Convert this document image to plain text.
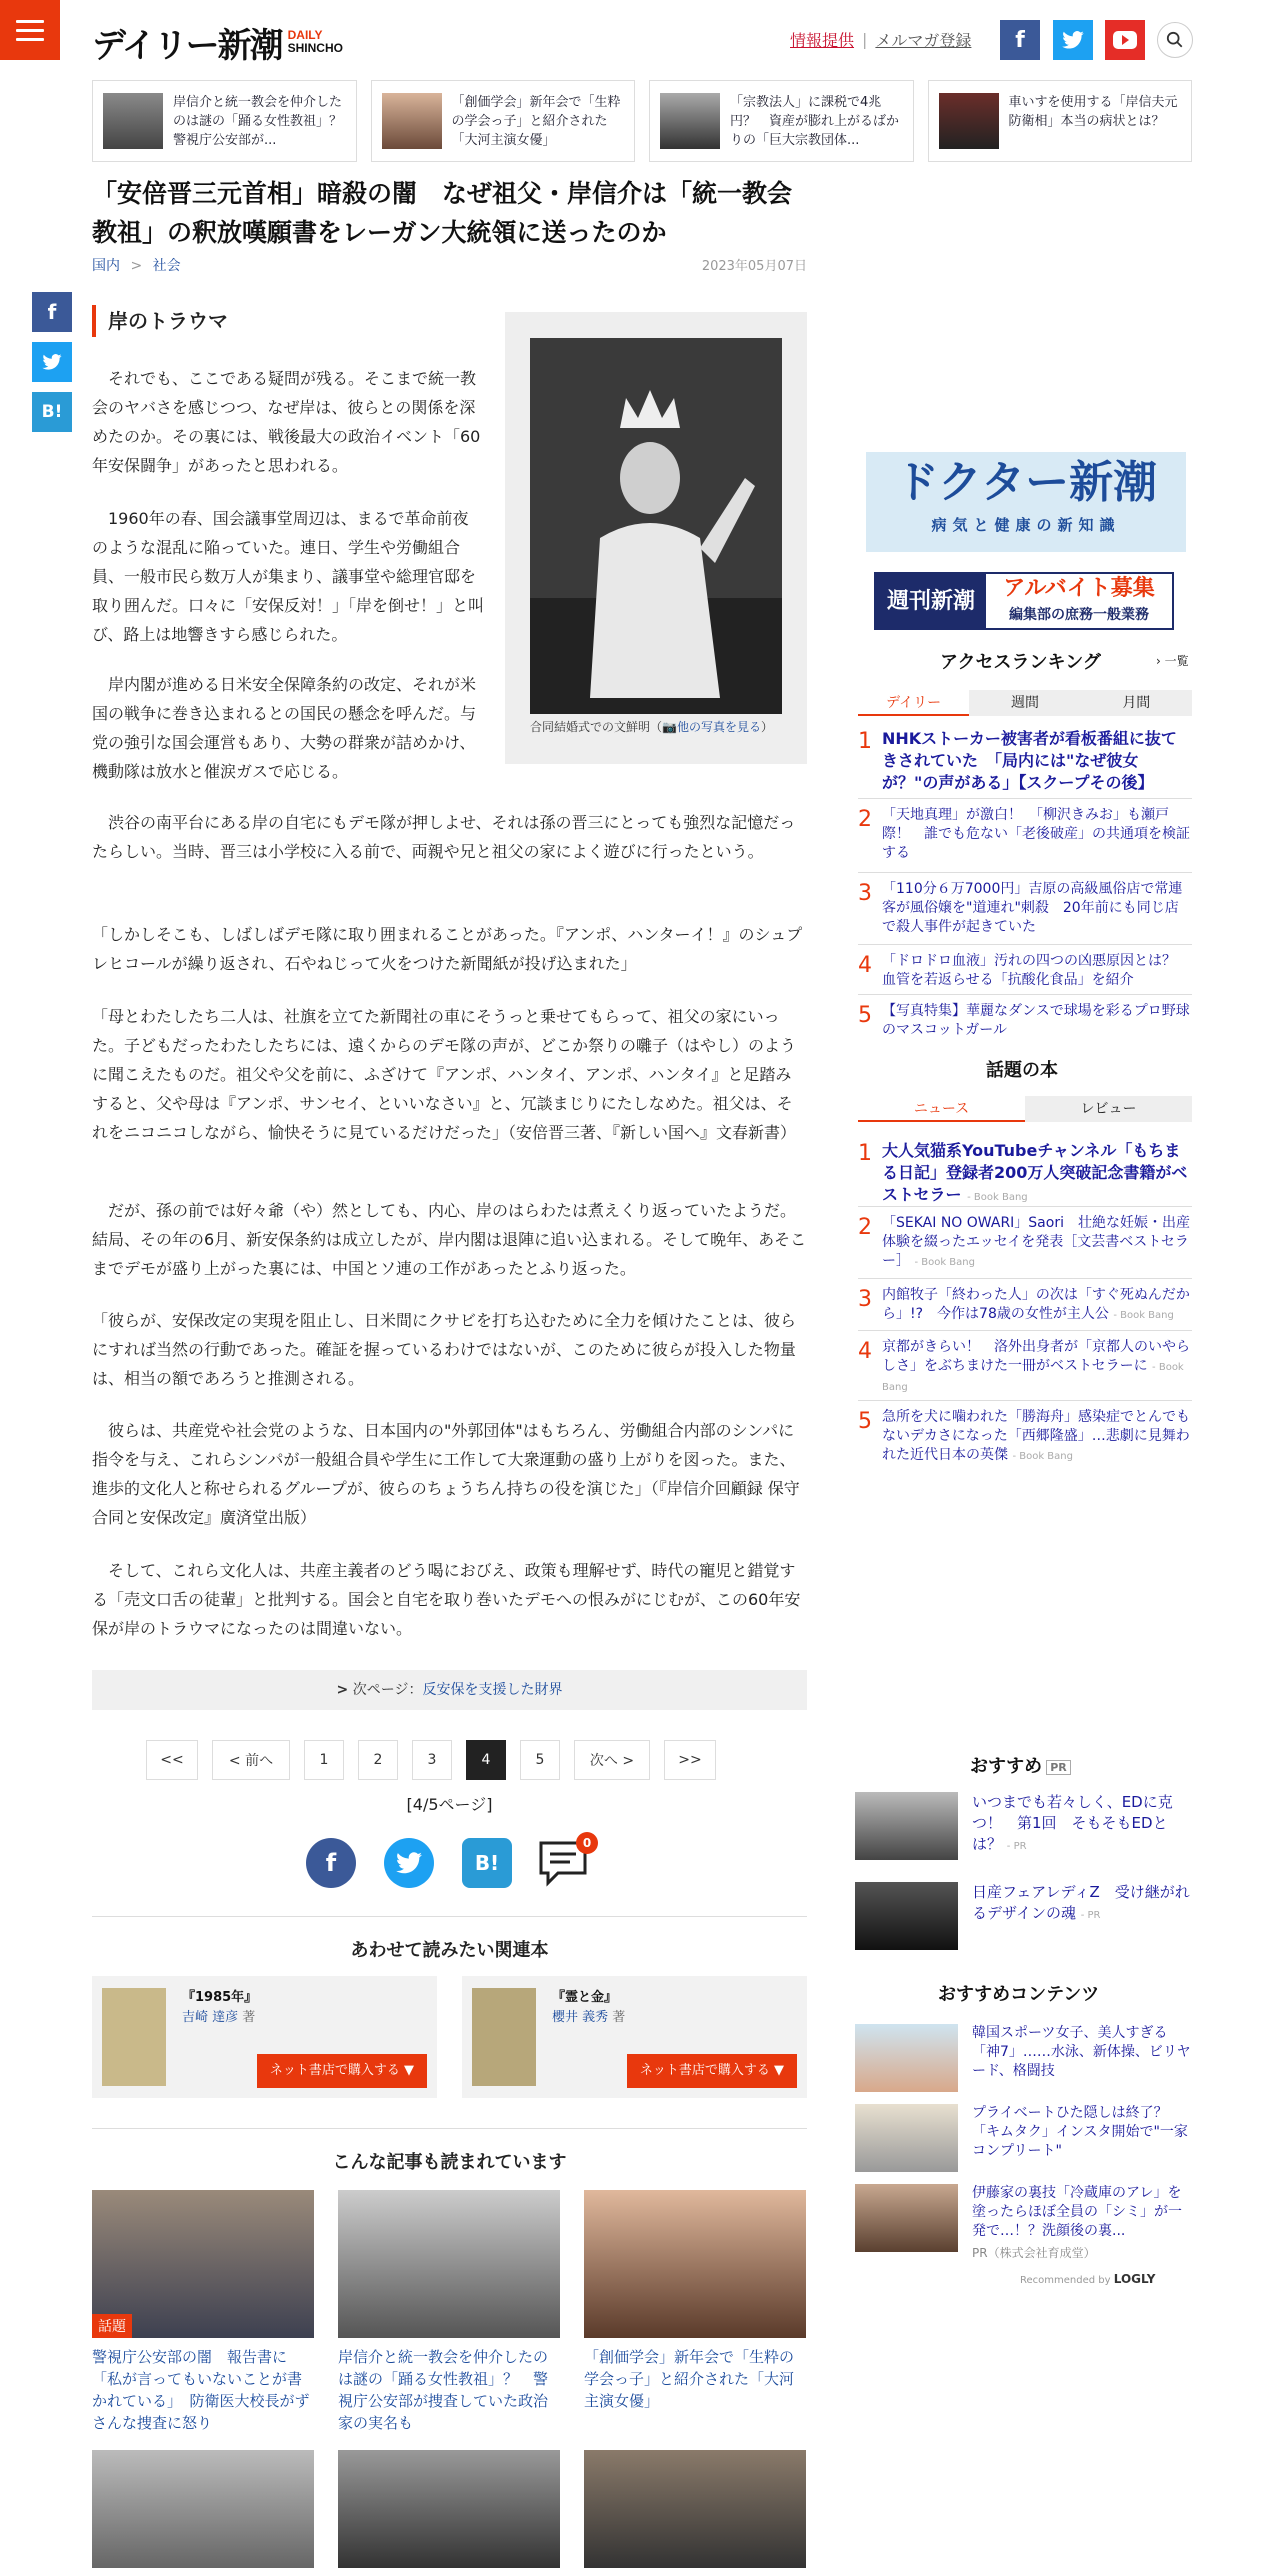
デイリー新潮 DAILY
SHINCHO	情報提供 | メルマガ登録	f
岸信介と統一教会を仲介したのは謎の「踊る女性教祖」？　警視庁公安部が...
「創価学会」新年会で「生粋の学会っ子」と紹介された「大河主演女優」
「宗教法人」に課税で4兆円？　資産が膨れ上がるばかりの「巨大宗教団体...
車いすを使用する「岸信夫元防衛相」本当の病状とは？
「安倍晋三元首相」暗殺の闇　なぜ祖父・岸信介は「統一教会教祖」の釈放嘆願書をレーガン大統領に送ったのか
国内 > 社会	2023年05月07日
f
B!
岸のトラウマ
合同結婚式での文鮮明（📷他の写真を見る）

　それでも、ここである疑問が残る。そこまで統一教会のヤバさを感じつつ、なぜ岸は、彼らとの関係を深めたのか。その裏には、戦後最大の政治イベント「60年安保闘争」があったと思われる。

　1960年の春、国会議事堂周辺は、まるで革命前夜のような混乱に陥っていた。連日、学生や労働組合員、一般市民ら数万人が集まり、議事堂や総理官邸を取り囲んだ。口々に「安保反対！」「岸を倒せ！」と叫び、路上は地響きすら感じられた。

　岸内閣が進める日米安全保障条約の改定、それが米国の戦争に巻き込まれるとの国民の懸念を呼んだ。与党の強引な国会運営もあり、大勢の群衆が詰めかけ、機動隊は放水と催涙ガスで応じる。

　渋谷の南平台にある岸の自宅にもデモ隊が押しよせ、それは孫の晋三にとっても強烈な記憶だったらしい。当時、晋三は小学校に入る前で、両親や兄と祖父の家によく遊びに行ったという。

「しかしそこも、しばしばデモ隊に取り囲まれることがあった。『アンポ、ハンターイ！』のシュプレヒコールが繰り返され、石やねじって火をつけた新聞紙が投げ込まれた」

「母とわたしたち二人は、社旗を立てた新聞社の車にそうっと乗せてもらって、祖父の家にいった。子どもだったわたしたちには、遠くからのデモ隊の声が、どこか祭りの囃子（はやし）のように聞こえたものだ。祖父や父を前に、ふざけて『アンポ、ハンタイ、アンポ、ハンタイ』と足踏みすると、父や母は『アンポ、サンセイ、といいなさい』と、冗談まじりにたしなめた。祖父は、それをニコニコしながら、愉快そうに見ているだけだった」（安倍晋三著、『新しい国へ』文春新書）

　だが、孫の前では好々爺（や）然としても、内心、岸のはらわたは煮えくり返っていたようだ。結局、その年の6月、新安保条約は成立したが、岸内閣は退陣に追い込まれる。そして晩年、あそこまでデモが盛り上がった裏には、中国とソ連の工作があったとふり返った。

「彼らが、安保改定の実現を阻止し、日米間にクサビを打ち込むために全力を傾けたことは、彼らにすれば当然の行動であった。確証を握っているわけではないが、このために彼らが投入した物量は、相当の額であろうと推測される。

　彼らは、共産党や社会党のような、日本国内の"外郭団体"はもちろん、労働組合内部のシンパに指令を与え、これらシンパが一般組合員や学生に工作して大衆運動の盛り上がりを図った。また、進歩的文化人と称せられるグループが、彼らのちょうちん持ちの役を演じた」（『岸信介回顧録 保守合同と安保改定』廣済堂出版）

　そして、これら文化人は、共産主義者のどう喝におびえ、政策も理解せず、時代の寵児と錯覚する「売文口舌の徒輩」と批判する。国会と自宅を取り巻いたデモへの恨みがにじむが、この60年安保が岸のトラウマになったのは間違いない。

> 次ページ：反安保を支援した財界
<<	< 前へ	1	2	3	4	5	次へ >	>>
[4/5ページ]
f	B!
0
あわせて読みたい関連本
『1985年』
吉崎 達彦 著
ネット書店で購入する ▼
『霊と金』
櫻井 義秀 著
ネット書店で購入する ▼
こんな記事も読まれています
話題
警視庁公安部の闇　報告書に「私が言ってもいないことが書かれている」　防衛医大校長がずさんな捜査に怒り
岸信介と統一教会を仲介したのは謎の「踊る女性教祖」？　警視庁公安部が捜査していた政治家の実名も
「創価学会」新年会で「生粋の学会っ子」と紹介された「大河主演女優」
ドクター新潮
病気と健康の新知識
週刊新潮	アルバイト募集
編集部の庶務一般業務
アクセスランキング	› 一覧
デイリー	週間	月間
1 NHKストーカー被害者が看板番組に抜てきされていた　「局内には"なぜ彼女が？"の声がある」【スクープその後】
2 「天地真理」が激白！　「柳沢きみお」も瀬戸際！　誰でも危ない「老後破産」の共通項を検証する
3 「110分６万7000円」吉原の高級風俗店で常連客が風俗嬢を"道連れ"刺殺　20年前にも同じ店で殺人事件が起きていた
4 「ドロドロ血液」汚れの四つの凶悪原因とは？　血管を若返らせる「抗酸化食品」を紹介
5 【写真特集】華麗なダンスで球場を彩るプロ野球のマスコットガール
話題の本
ニュース	レビュー
1 大人気猫系YouTubeチャンネル「もちまる日記」登録者200万人突破記念書籍がベストセラー - Book Bang
2 「SEKAI NO OWARI」Saori　壮絶な妊娠・出産体験を綴ったエッセイを発表［文芸書ベストセラー］ - Book Bang
3 内館牧子「終わった人」の次は「すぐ死ぬんだから」!?　今作は78歳の女性が主人公 - Book Bang
4 京都がきらい！　洛外出身者が「京都人のいやらしさ」をぶちまけた一冊がベストセラーに - Book Bang
5 急所を犬に噛われた「勝海舟」感染症でとんでもないデカさになった「西郷隆盛」…悲劇に見舞われた近代日本の英傑 - Book Bang
おすすめ PR
いつまでも若々しく、EDに克つ！　第1回　そもそもEDとは？ - PR
日産フェアレディZ　受け継がれるデザインの魂 - PR
おすすめコンテンツ
韓国スポーツ女子、美人すぎる「神7」……水泳、新体操、ビリヤード、格闘技
プライベートひた隠しは終了？「キムタク」インスタ開始で"一家コンプリート"
伊藤家の裏技「冷蔵庫のアレ」を塗ったらほぼ全員の「シミ」が一発で…！？洗顔後の裏...
PR（株式会社育成堂）
Recommended by LOGLY
